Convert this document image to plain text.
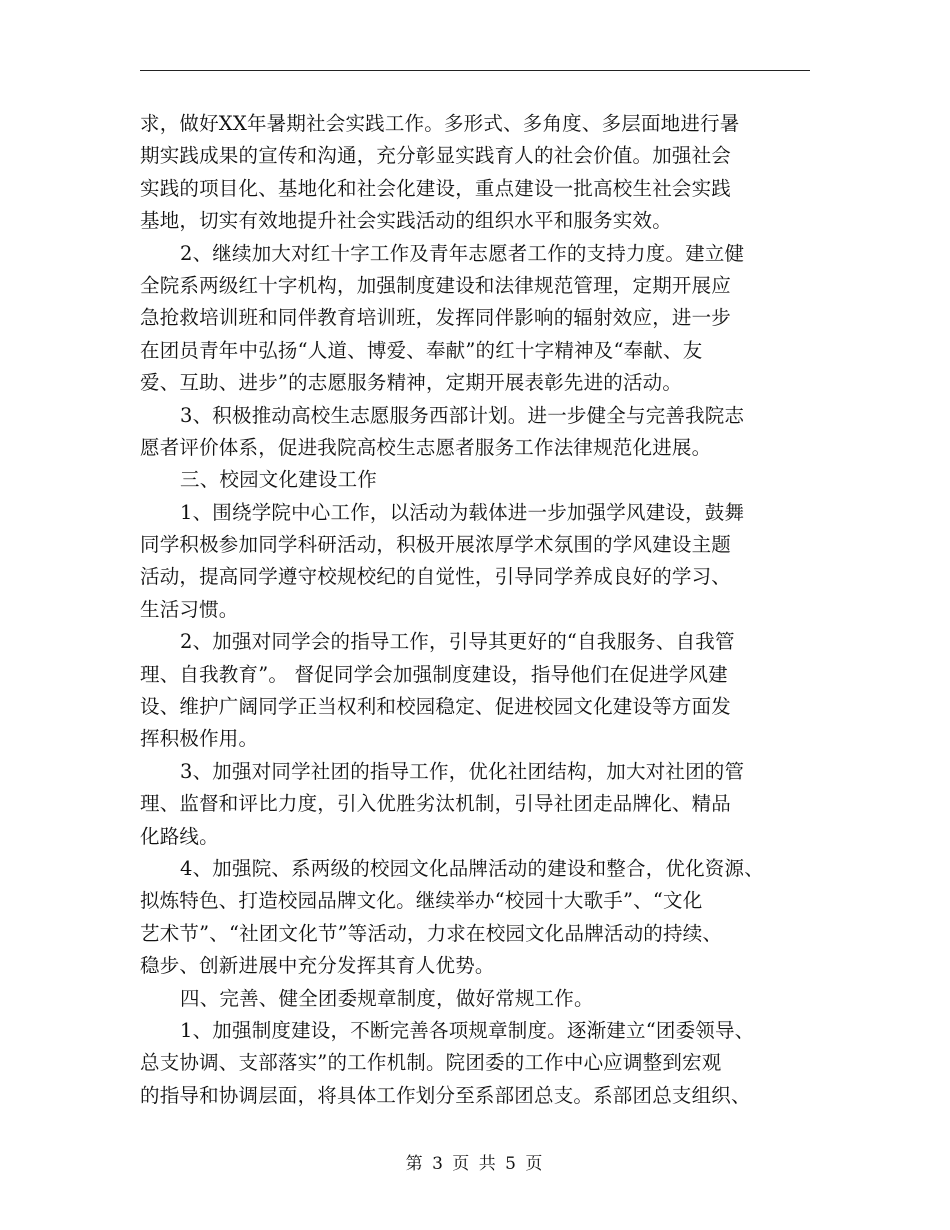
求，做好XX年暑期社会实践工作。多形式、多角度、多层面地进行暑
期实践成果的宣传和沟通，充分彰显实践育人的社会价值。加强社会
实践的项目化、基地化和社会化建设，重点建设一批高校生社会实践
基地，切实有效地提升社会实践活动的组织水平和服务实效。
2、继续加大对红十字工作及青年志愿者工作的支持力度。建立健
全院系两级红十字机构，加强制度建设和法律规范管理，定期开展应
急抢救培训班和同伴教育培训班，发挥同伴影响的辐射效应，进一步
在团员青年中弘扬“人道、博爱、奉献”的红十字精神及“奉献、友
爱、互助、进步”的志愿服务精神，定期开展表彰先进的活动。
3、积极推动高校生志愿服务西部计划。进一步健全与完善我院志
愿者评价体系，促进我院高校生志愿者服务工作法律规范化进展。
三、校园文化建设工作
1、围绕学院中心工作，以活动为载体进一步加强学风建设，鼓舞
同学积极参加同学科研活动，积极开展浓厚学术氛围的学风建设主题
活动，提高同学遵守校规校纪的自觉性，引导同学养成良好的学习、
生活习惯。
2、加强对同学会的指导工作，引导其更好的“自我服务、自我管
理、自我教育”。 督促同学会加强制度建设，指导他们在促进学风建
设、维护广阔同学正当权利和校园稳定、促进校园文化建设等方面发
挥积极作用。
3、加强对同学社团的指导工作，优化社团结构，加大对社团的管
理、监督和评比力度，引入优胜劣汰机制，引导社团走品牌化、精品
化路线。
4、加强院、系两级的校园文化品牌活动的建设和整合，优化资源、
拟炼特色、打造校园品牌文化。继续举办“校园十大歌手”、“文化
艺术节”、“社团文化节”等活动，力求在校园文化品牌活动的持续、
稳步、创新进展中充分发挥其育人优势。
四、完善、健全团委规章制度，做好常规工作。
1、加强制度建设，不断完善各项规章制度。逐渐建立“团委领导、
总支协调、支部落实”的工作机制。院团委的工作中心应调整到宏观
的指导和协调层面，将具体工作划分至系部团总支。系部团总支组织、
第 3 页 共 5 页
